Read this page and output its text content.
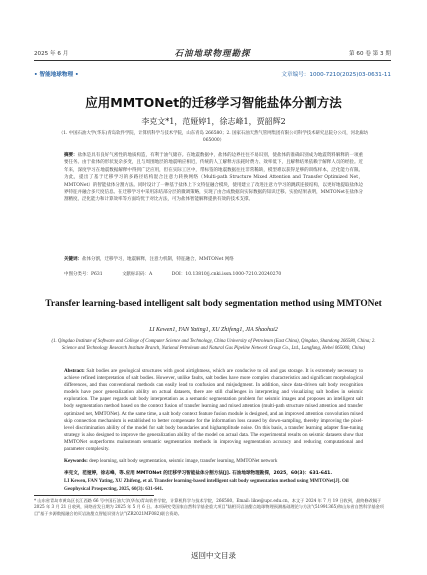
2025 年 6 月	石油地球物理勘探	第 60 卷 第 3 期
• 智能地球物理 •	文章编号：1000-7210(2025)03-0631-11
应用MMTONet的迁移学习智能盐体分割方法
李克文*1，范娅婷1，徐志峰1，贾韶辉2
（1. 中国石油大学(华东)青岛软件学院，计算机科学与技术学院，山东青岛 266580；2. 国家石油天然气管网集团有限公司科学技术研究总院分公司，河北廊坊 065000）
摘要：盐体是具有良好气密性的地质构造，有利于油气储存。在地震数据中，盐体的边界往往不易识别，使盐体的准确识别成为地震资料解释的一项重要任务。由于盐体的形状复杂多变，且与周围地层的地震响应相近，传统的人工解释方法耗时费力、效率低下，且解释结果依赖于解释人员的经验。近年来，深度学习在地震数据解释中得到广泛应用，但在实际工区中，带标签的地震数据往往非常稀缺，模型难以获得足够的训练样本，泛化能力有限。为此，提出了基于迁移学习的多路径结构混合注意力转换网络（Multi-path Structure Mixed Attention and Transfer Optimized Net，MMTONet）的智能盐体分割方法。同时设计了一种基于盐体上下文特征融合模块，使用建立了改进注意力学习的跳跃连接结构，以更好地提取盐体边界特征并融合多尺度信息。在迁移学习中采用冻结部分层的微调策略，实现了由合成数据向实际数据的知识迁移。实验结果表明，MMTONet在盐体分割精度、泛化能力和计算效率等方面均优于对比方法，可为盐体智能解释提供有效的技术支撑。
关键词：盐体分割，迁移学习，地震解释，注意力机制，特征融合，MMTONet 网络
中图分类号：P631	文献标识码：A	DOI：10.13810/j.cnki.issn.1000-7210.20240270
Transfer learning-based intelligent salt body segmentation method using MMTONet
LI Kewen1, FAN Yating1, XU Zhifeng1, JIA Shaohui2
(1. Qingdao Institute of Software and College of Computer Science and Technology, China University of Petroleum (East China), Qingdao, Shandong 266580, China; 2. Science and Technology Research Institute Branch, National Petroleum and Natural Gas Pipeline Network Group Co., Ltd., Langfang, Hebei 065000, China)
Abstract: Salt bodies are geological structures with good airtightness, which are conducive to oil and gas storage. It is extremely necessary to achieve refined interpretation of salt bodies. However, unlike faults, salt bodies have more complex characteristics and significant morphological differences, and thus conventional methods can easily lead to confusion and misjudgment. In addition, since data-driven salt body recognition models have poor generalization ability on actual datasets, there are still challenges in interpreting and visualizing salt bodies in seismic exploration. The paper regards salt body interpretation as a semantic segmentation problem for seismic images and proposes an intelligent salt body segmentation method based on the context fusion of transfer learning and mixed attention (multi-path structure mixed attention and transfer optimized net, MMTONet). At the same time, a salt body context feature fusion module is designed, and an improved attention convolution mixed skip connection mechanism is established to better compensate for the information loss caused by down-sampling, thereby improving the pixel-level discrimination ability of the model for salt body boundaries and highamplitude noise. On this basis, a transfer learning adapter fine-tuning strategy is also designed to improve the generalization ability of the model on actual data. The experimental results on seismic datasets show that MMTONet outperforms mainstream semantic segmentation methods in improving segmentation accuracy and reducing computational and parameter complexity.
Keywords: deep learning, salt body segmentation, seismic image, transfer learning, MMTONet network
李克文，范娅婷，徐志峰，等.应用 MMTONet 的迁移学习智能盐体分割方法[J]. 石油地球物理勘探，2025，60(3)：631-641.
LI Kewen, FAN Yating, XU Zhifeng, et al. Transfer learning-based intelligent salt body segmentation method using MMTONet[J]. Oil Geophysical Prospecting, 2025, 60(3): 631-641.
* 山东省青岛市黄岛区长江西路 66 号中国石油大学(华东)青岛软件学院，计算机科学与技术学院，266580。Email: likw@upc.edu.cn。本文于 2024 年 7 月 19 日收到，最终修改稿于 2025 年 3 月 21 日收到，网络首发日期为 2025 年 5 月 6 日。本项研究受国家自然科学基金重大项目"陆相页岩油甜点地球物理预测基础理论与方法"(51991365)和山东省自然科学基金项目"基于多源数据融合的页岩油甜点智能识别方法"(ZR2021MF082)联合资助。
返回中文目录
